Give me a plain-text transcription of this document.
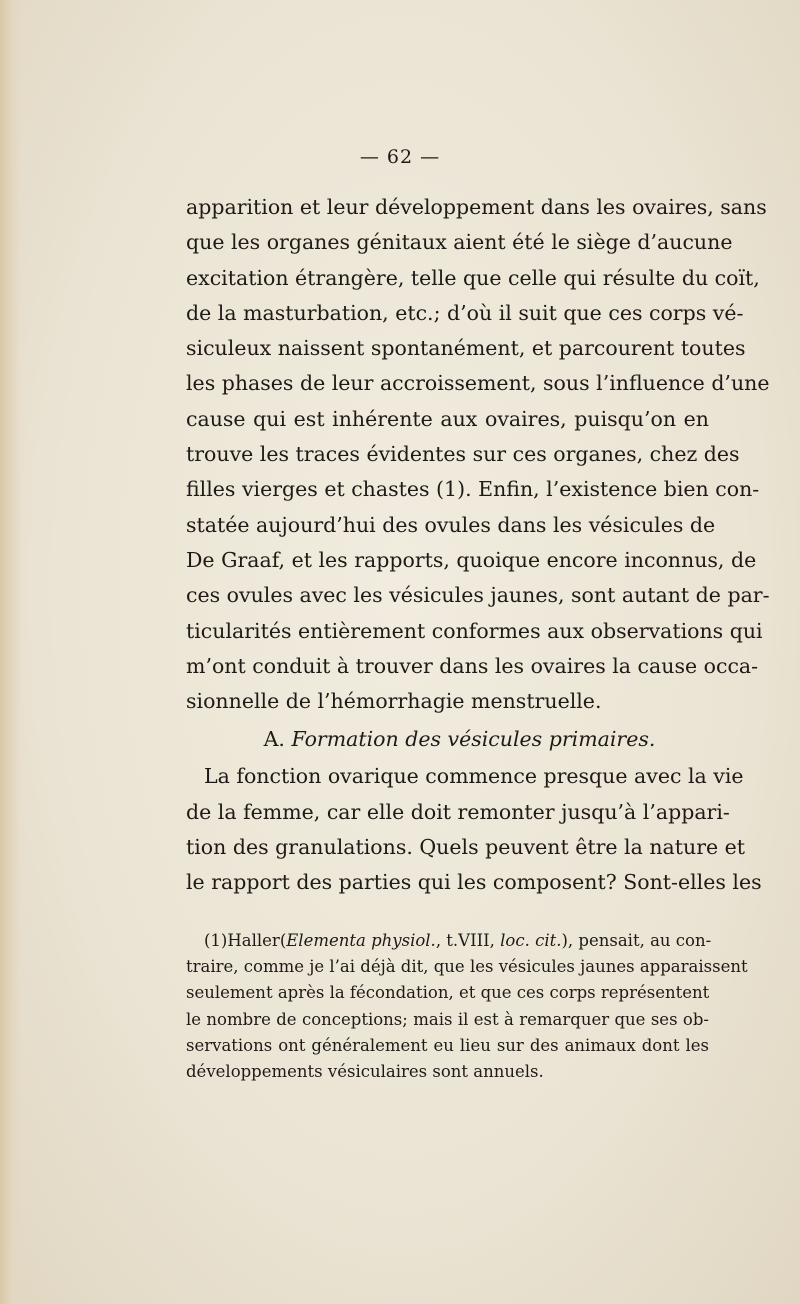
— 62 —
apparition et leur développement dans les ovaires, sans
que les organes génitaux aient été le siège d’aucune
excitation étrangère, telle que celle qui résulte du coït,
de la masturbation, etc.; d’où il suit que ces corps vé-
siculeux naissent spontanément, et parcourent toutes
les phases de leur accroissement, sous l’influence d’une
cause qui est inhérente aux ovaires, puisqu’on en
trouve les traces évidentes sur ces organes, chez des
filles vierges et chastes (1). Enfin, l’existence bien con-
statée aujourd’hui des ovules dans les vésicules de
De Graaf, et les rapports, quoique encore inconnus, de
ces ovules avec les vésicules jaunes, sont autant de par-
ticularités entièrement conformes aux observations qui
m’ont conduit à trouver dans les ovaires la cause occa-
sionnelle de l’hémorrhagie menstruelle.
A. Formation des vésicules primaires.
La fonction ovarique commence presque avec la vie
de la femme, car elle doit remonter jusqu’à l’appari-
tion des granulations. Quels peuvent être la nature et
le rapport des parties qui les composent? Sont-elles les
(1)Haller(Elementa physiol., t.VIII, loc. cit.), pensait, au con-
traire, comme je l’ai déjà dit, que les vésicules jaunes apparaissent
seulement après la fécondation, et que ces corps représentent
le nombre de conceptions; mais il est à remarquer que ses ob-
servations ont généralement eu lieu sur des animaux dont les
développements vésiculaires sont annuels.
